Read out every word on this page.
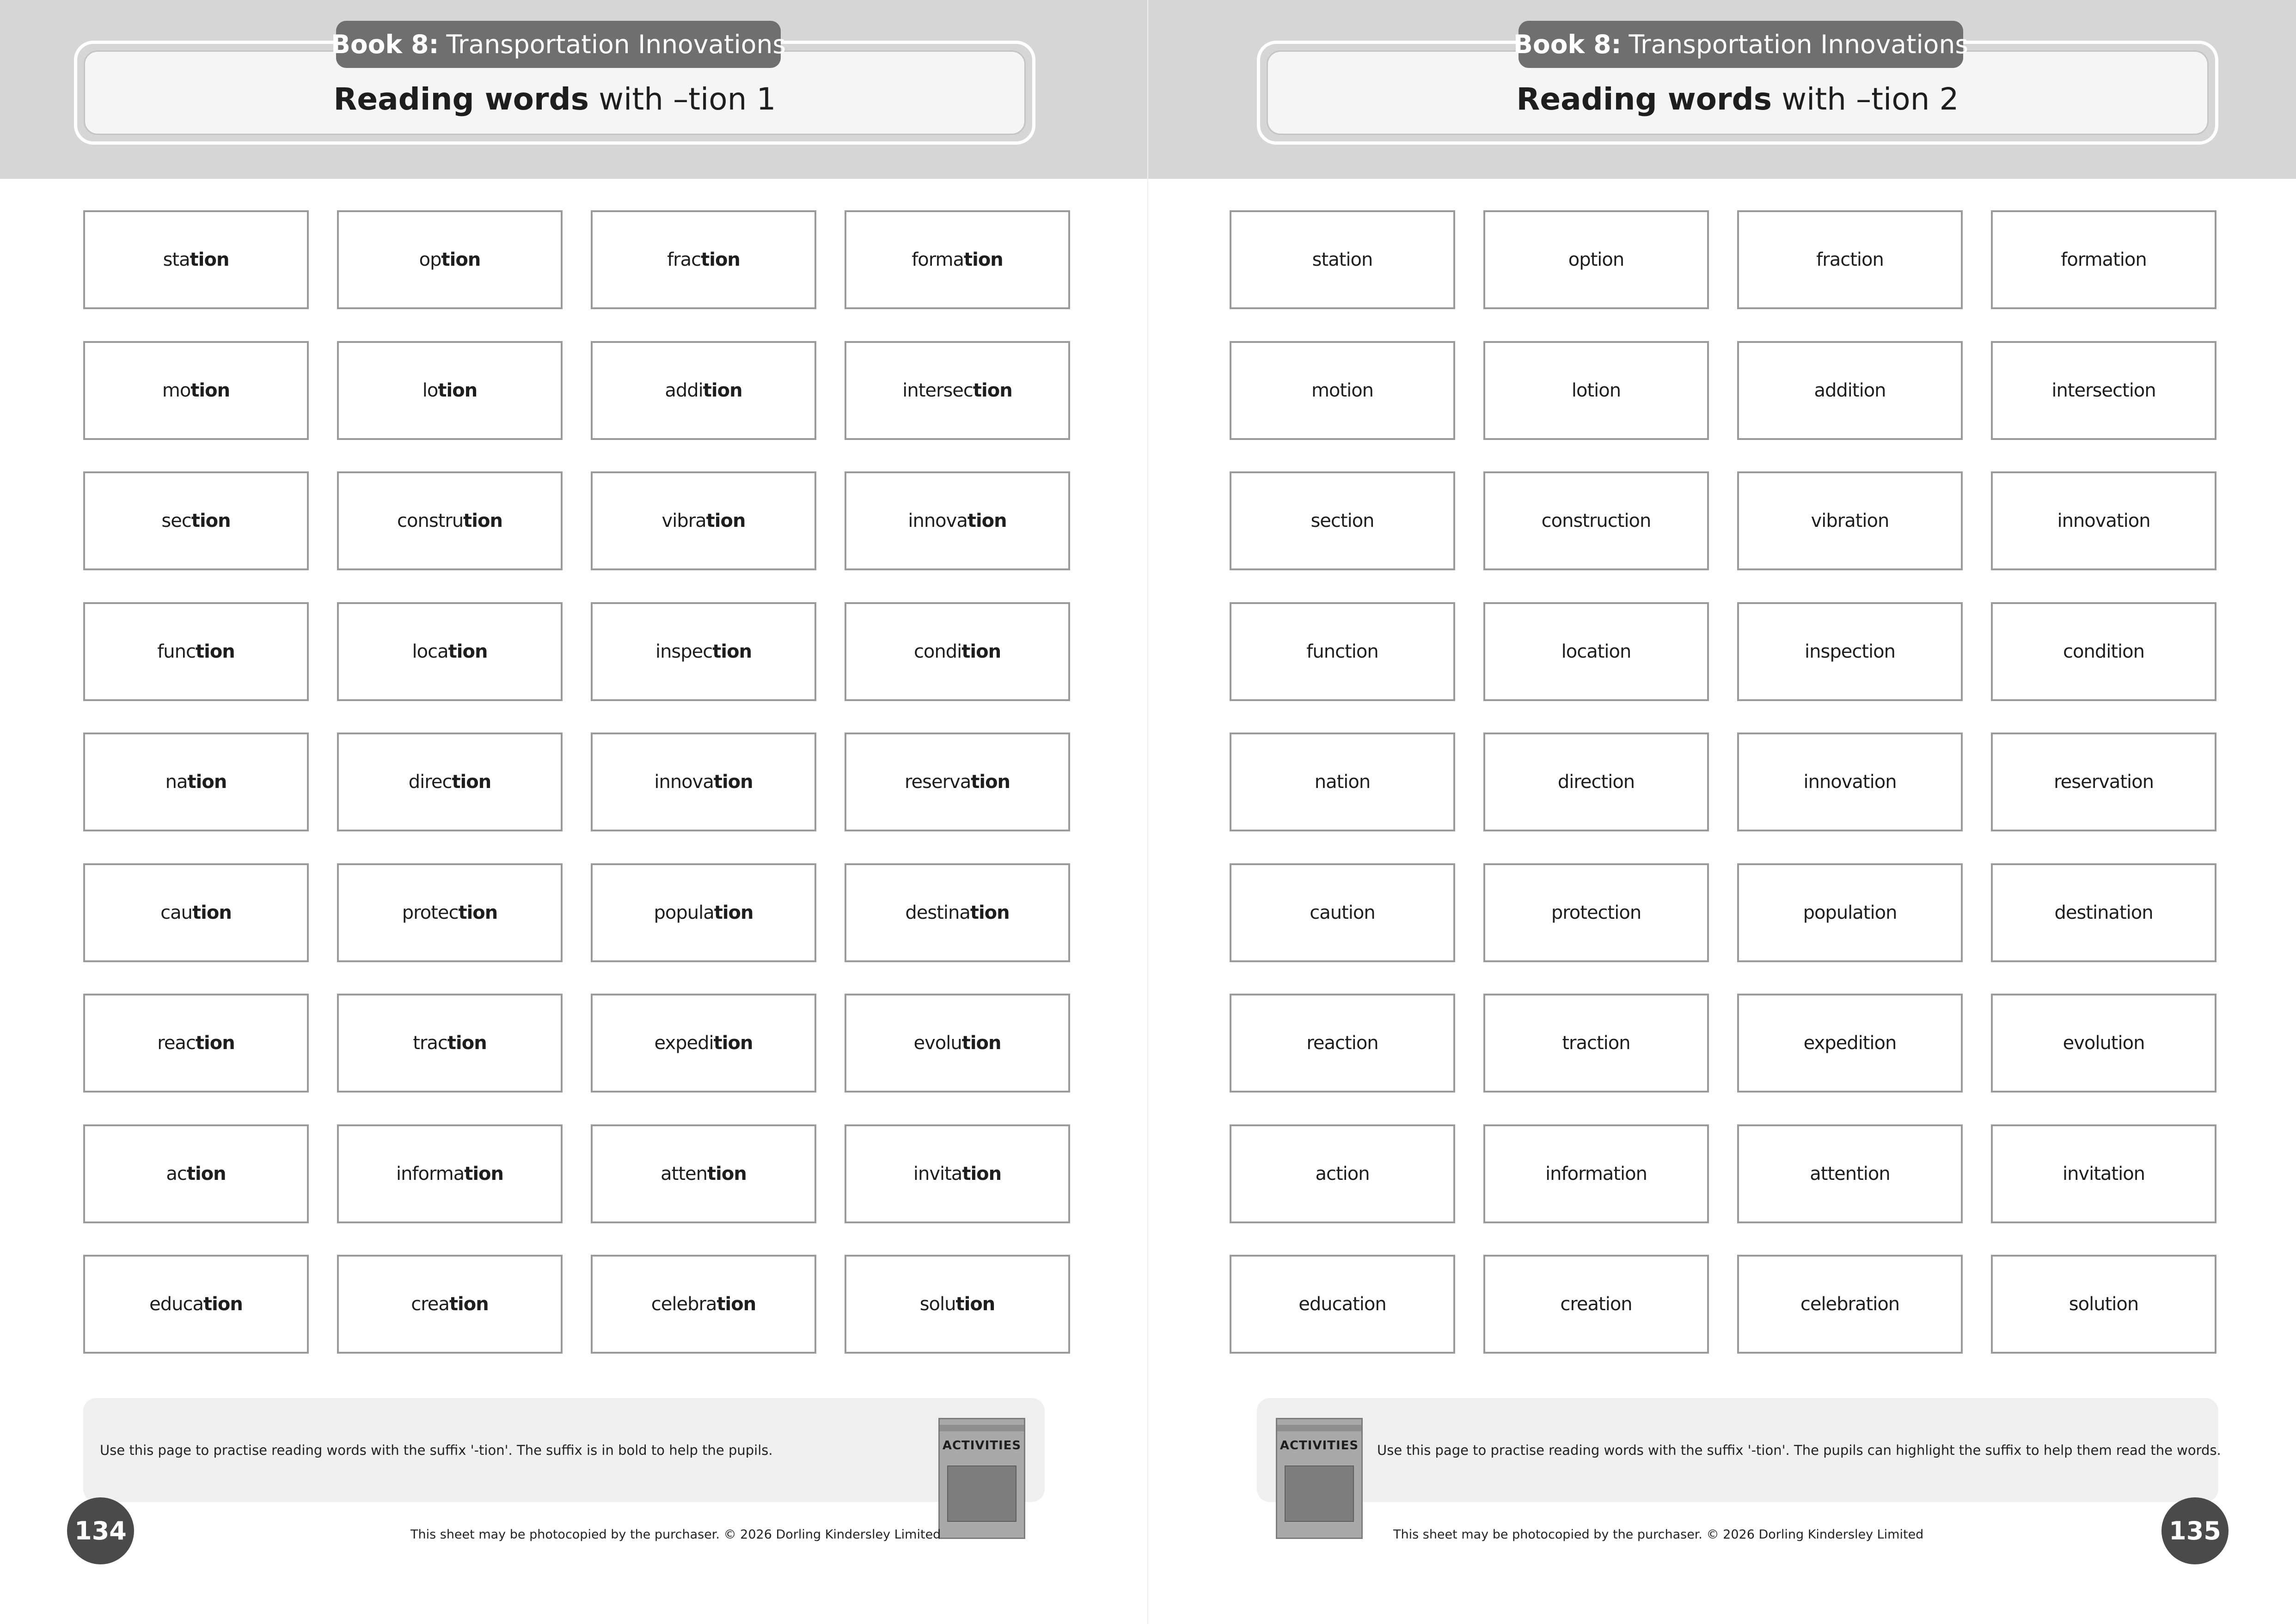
Reading words with –tion 1
Book 8: Transportation Innovations
sta tion	op tion	frac tion	forma tion
mo tion	lo tion	addi tion	intersec tion
sec tion	constru tion	vibra tion	innova tion
func tion	loca tion	inspec tion	condi tion
na tion	direc tion	innova tion	reserva tion
cau tion	protec tion	popula tion	destina tion
reac tion	trac tion	expedi tion	evolu tion
ac tion	informa tion	atten tion	invita tion
educa tion	crea tion	celebra tion	solu tion
Use this page to practise reading words with the suffix '-tion'. The suffix is in bold to help the pupils.	ACTIVITIES
134	This sheet may be photocopied by the purchaser. © 2026 Dorling Kindersley Limited
Reading words with –tion 2
Book 8: Transportation Innovations
station	option	fraction	formation
motion	lotion	addition	intersection
section	construction	vibration	innovation
function	location	inspection	condition
nation	direction	innovation	reservation
caution	protection	population	destination
reaction	traction	expedition	evolution
action	information	attention	invitation
education	creation	celebration	solution
Use this page to practise reading words with the suffix '-tion'. The pupils can highlight the suffix to help them read the words.
ACTIVITIES
135
This sheet may be photocopied by the purchaser. © 2026 Dorling Kindersley Limited
